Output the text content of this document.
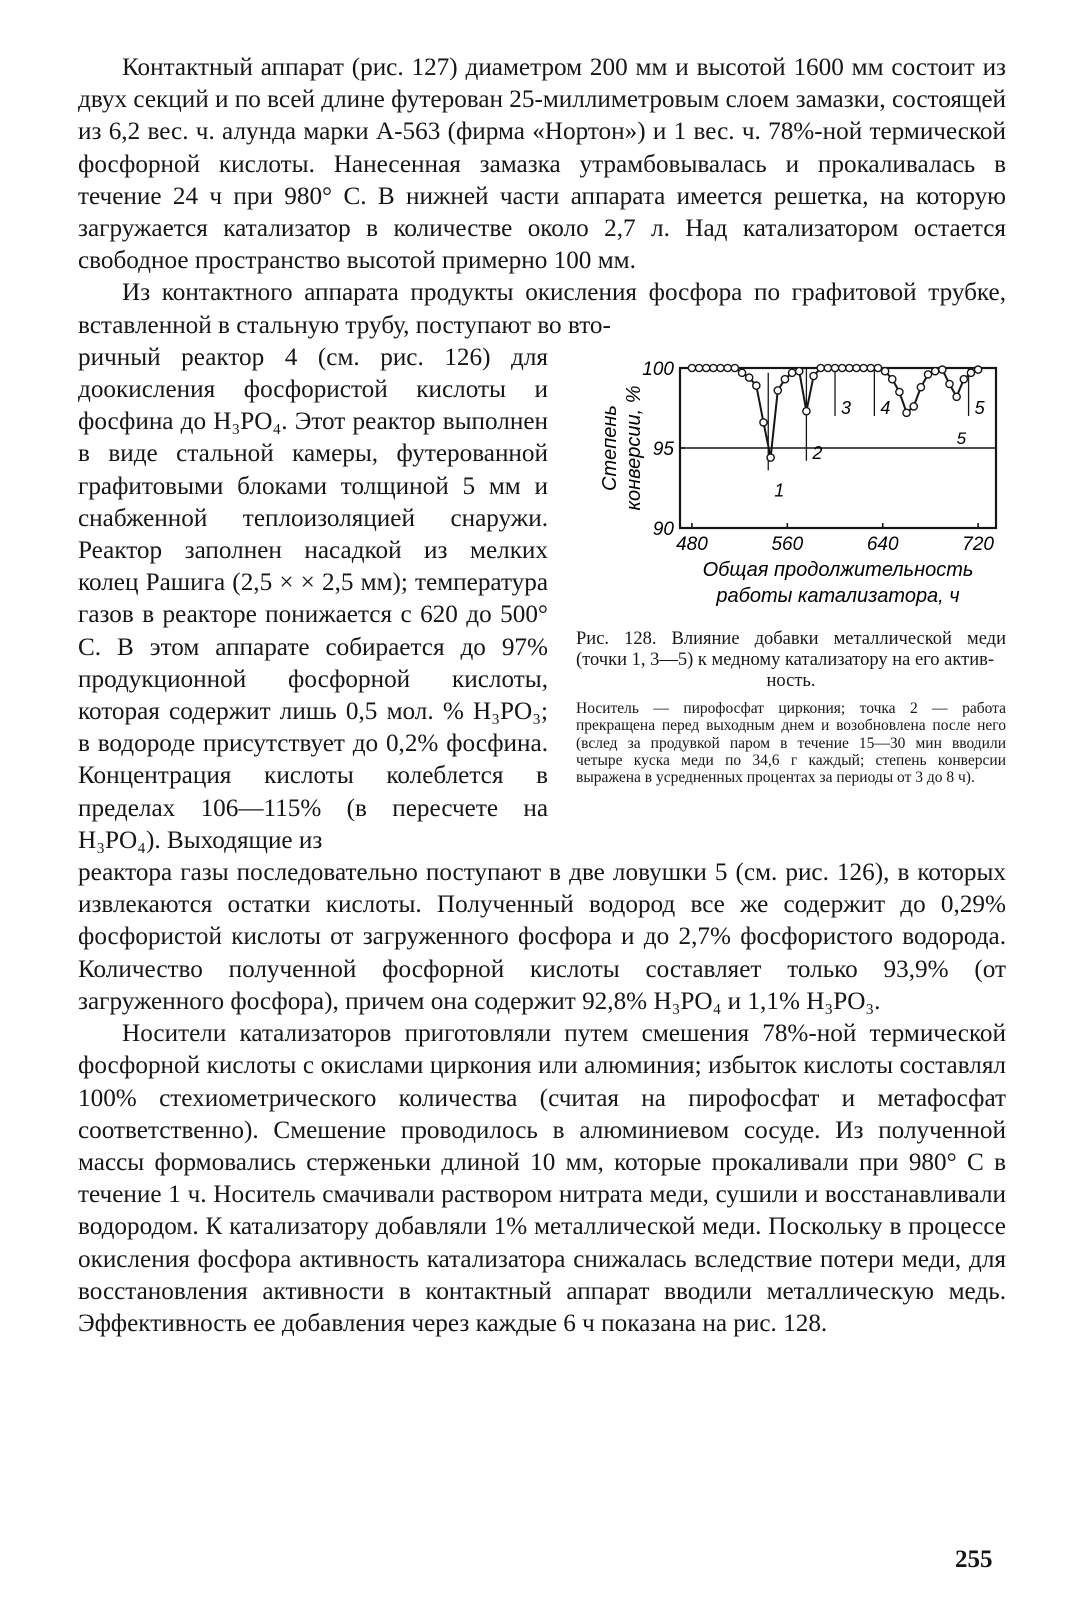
Контактный аппарат (рис. 127) диаметром 200 мм и высотой 1600 мм состоит из двух секций и по всей длине футерован 25-миллиметровым слоем замазки, состоящей из 6,2 вес. ч. алунда марки А-563 (фирма «Нортон») и 1 вес. ч. 78%-ной термической фосфорной кислоты. Нанесенная замазка утрамбовывалась и прокаливалась в течение 24 ч при 980° С. В нижней части аппарата имеется решетка, на которую загружается катализатор в количестве около 2,7 л. Над катализатором остается свободное пространство высотой примерно 100 мм.

Из контактного аппарата продукты окисления фосфора по графитовой трубке, вставленной в стальную трубу, поступают во вто-

ричный реактор 4 (см. рис. 126) для доокисления фосфористой кислоты и фосфина до H₃PO₄. Этот реактор выполнен в виде стальной камеры, футерованной графитовыми блоками толщиной 5 мм и снабженной теплоизоляцией снаружи. Реактор заполнен насадкой из мелких колец Рашига (2,5 × × 2,5 мм); температура газов в реакторе понижается с 620 до 500° С. В этом аппарате собирается до 97% продукционной фосфорной кислоты, которая содержит лишь 0,5 мол. % H₃PO₃; в водороде присутствует до 0,2% фосфина. Концентрация кислоты колеблется в пределах 106—115% (в пересчете на H₃PO₄). Выходящие из

реактора газы последовательно поступают в две ловушки 5 (см. рис. 126), в которых извлекаются остатки кислоты. Полученный водород все же содержит до 0,29% фосфористой кислоты от загруженного фосфора и до 2,7% фосфористого водорода. Количество полученной фосфорной кислоты составляет только 93,9% (от загруженного фосфора), причем она содержит 92,8% H₃PO₄ и 1,1% H₃PO₃.

Носители катализаторов приготовляли путем смешения 78%-ной термической фосфорной кислоты с окислами циркония или алюминия; избыток кислоты составлял 100% стехиометрического количества (считая на пирофосфат и метафосфат соответственно). Смешение проводилось в алюминиевом сосуде. Из полученной массы формовались стерженьки длиной 10 мм, которые прокаливали при 980° С в течение 1 ч. Носитель смачивали раствором нитрата меди, сушили и восстанавливали водородом. К катализатору добавляли 1% металлической меди. Поскольку в процессе окисления фосфора активность катализатора снижалась вследствие потери меди, для восстановления активности в контактный аппарат вводили металлическую медь. Эффективность ее добавления через каждые 6 ч показана на рис. 128.

90
95
100
480	560	640	720
5
1
2
3 4	5
Общая продолжительность
работы катализатора, ч
Степень конверсии, %
Рис. 128. Влияние добавки металлической меди (точки 1, 3—5) к медному катализатору на его актив-
ность.
Носитель — пирофосфат циркония; точка 2 — работа прекращена перед выходным днем и возобновлена после него (вслед за продувкой паром в течение 15—30 мин вводили четыре куска меди по 34,6 г каждый; степень конверсии выражена в усредненных процентах за периоды от 3 до 8 ч).
255
